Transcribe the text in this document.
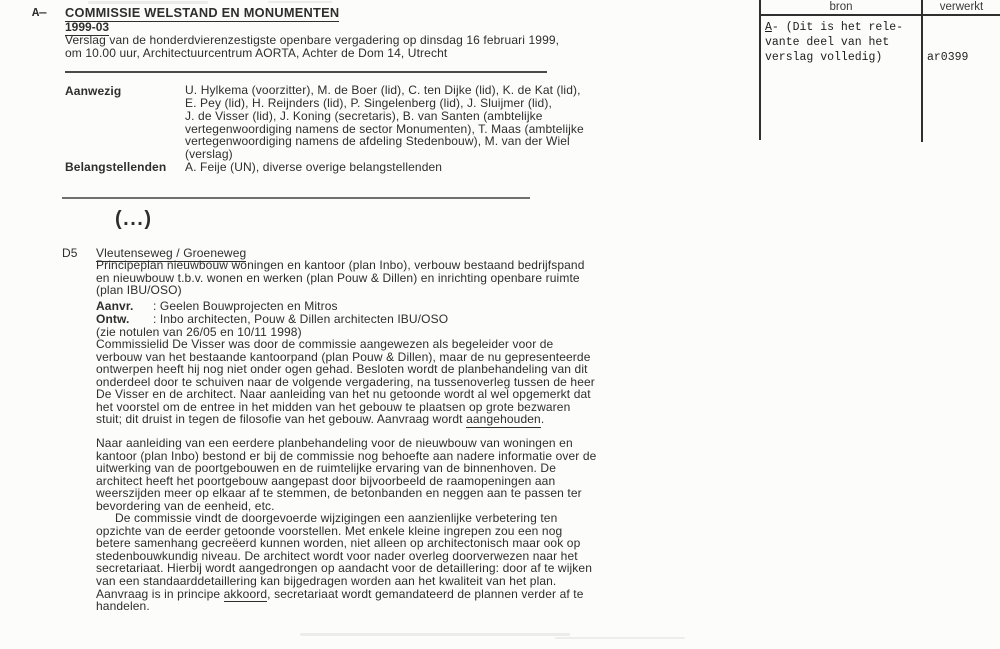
bron	verwerkt
A- (Dit is het rele-
vante deel van het
verslag volledig)	ar0399
A— COMMISSIE WELSTAND EN MONUMENTEN
1999-03
Verslag van de honderdvierenzestigste openbare vergadering op dinsdag 16 februari 1999,
om 10.00 uur, Architectuurcentrum AORTA, Achter de Dom 14, Utrecht
Aanwezig	U. Hylkema (voorzitter), M. de Boer (lid), C. ten Dijke (lid), K. de Kat (lid),
E. Pey (lid), H. Reijnders (lid), P. Singelenberg (lid), J. Sluijmer (lid),
J. de Visser (lid), J. Koning (secretaris), B. van Santen (ambtelijke
vertegenwoordiging namens de sector Monumenten), T. Maas (ambtelijke
vertegenwoordiging namens de afdeling Stedenbouw), M. van der Wiel
(verslag)
Belangstellenden A. Feije (UN), diverse overige belangstellenden
(...)
D5 Vleutenseweg / Groeneweg
Principeplan nieuwbouw woningen en kantoor (plan Inbo), verbouw bestaand bedrijfspand
en nieuwbouw t.b.v. wonen en werken (plan Pouw & Dillen) en inrichting openbare ruimte
(plan IBU/OSO)
Aanvr. : Geelen Bouwprojecten en Mitros
Ontw. : Inbo architecten, Pouw & Dillen architecten IBU/OSO
(zie notulen van 26/05 en 10/11 1998)
Commissielid De Visser was door de commissie aangewezen als begeleider voor de
verbouw van het bestaande kantoorpand (plan Pouw & Dillen), maar de nu gepresenteerde
ontwerpen heeft hij nog niet onder ogen gehad. Besloten wordt de planbehandeling van dit
onderdeel door te schuiven naar de volgende vergadering, na tussenoverleg tussen de heer
De Visser en de architect. Naar aanleiding van het nu getoonde wordt al wel opgemerkt dat
het voorstel om de entree in het midden van het gebouw te plaatsen op grote bezwaren
stuit; dit druist in tegen de filosofie van het gebouw. Aanvraag wordt aangehouden.
Naar aanleiding van een eerdere planbehandeling voor de nieuwbouw van woningen en
kantoor (plan Inbo) bestond er bij de commissie nog behoefte aan nadere informatie over de
uitwerking van de poortgebouwen en de ruimtelijke ervaring van de binnenhoven. De
architect heeft het poortgebouw aangepast door bijvoorbeeld de raamopeningen aan
weerszijden meer op elkaar af te stemmen, de betonbanden en neggen aan te passen ter
bevordering van de eenheid, etc.
De commissie vindt de doorgevoerde wijzigingen een aanzienlijke verbetering ten
opzichte van de eerder getoonde voorstellen. Met enkele kleine ingrepen zou een nog
betere samenhang gecreëerd kunnen worden, niet alleen op architectonisch maar ook op
stedenbouwkundig niveau. De architect wordt voor nader overleg doorverwezen naar het
secretariaat. Hierbij wordt aangedrongen op aandacht voor de detaillering: door af te wijken
van een standaarddetaillering kan bijgedragen worden aan het kwaliteit van het plan.
Aanvraag is in principe akkoord, secretariaat wordt gemandateerd de plannen verder af te
handelen.
